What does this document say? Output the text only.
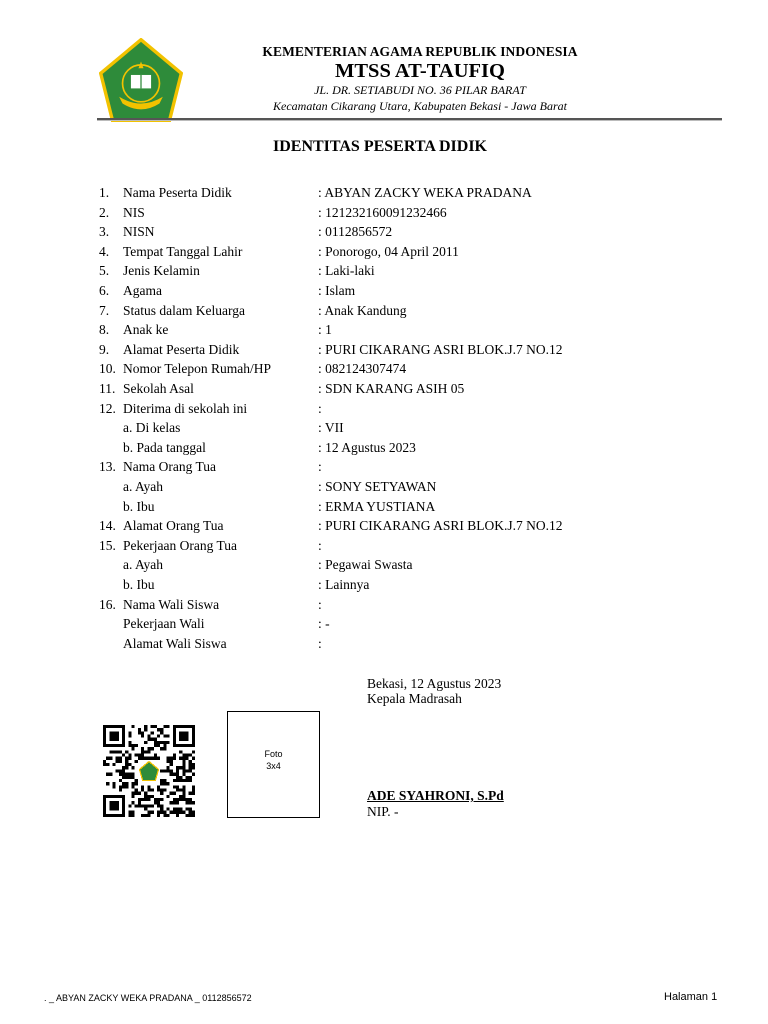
KEMENTERIAN AGAMA REPUBLIK INDONESIA
MTSS AT-TAUFIQ
JL. DR. SETIABUDI NO. 36 PILAR BARAT
Kecamatan Cikarang Utara, Kabupaten Bekasi - Jawa Barat
IDENTITAS PESERTA DIDIK
1. Nama Peserta Didik	: ABYAN ZACKY WEKA PRADANA
2. NIS	: 121232160091232466
3. NISN	: 0112856572
4. Tempat Tanggal Lahir	: Ponorogo, 04 April 2011
5. Jenis Kelamin	: Laki-laki
6. Agama	: Islam
7. Status dalam Keluarga	: Anak Kandung
8. Anak ke	: 1
9. Alamat Peserta Didik	: PURI CIKARANG ASRI BLOK.J.7 NO.12
10. Nomor Telepon Rumah/HP	: 082124307474
11. Sekolah Asal	: SDN KARANG ASIH 05
12. Diterima di sekolah ini	:
a. Di kelas	: VII
b. Pada tanggal	: 12 Agustus 2023
13. Nama Orang Tua	:
a. Ayah	: SONY SETYAWAN
b. Ibu	: ERMA YUSTIANA
14. Alamat Orang Tua	: PURI CIKARANG ASRI BLOK.J.7 NO.12
15. Pekerjaan Orang Tua	:
a. Ayah	: Pegawai Swasta
b. Ibu	: Lainnya
16. Nama Wali Siswa	:
Pekerjaan Wali	: -
Alamat Wali Siswa	:
Bekasi, 12 Agustus 2023
Kepala Madrasah
ADE SYAHRONI, S.Pd
NIP. -
Foto
3x4
. _ ABYAN ZACKY WEKA PRADANA _ 0112856572	Halaman 1
